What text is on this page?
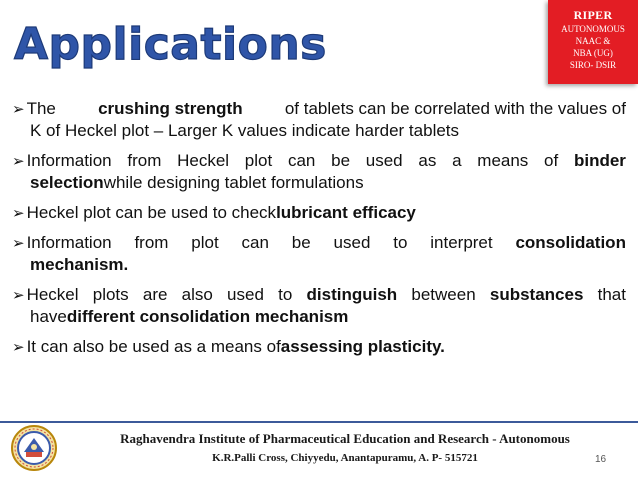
Applications
RIPER
AUTONOMOUS
NAAC &
NBA (UG)
SIRO- DSIR
➢ The crushing strength of tablets can be correlated with the values of
K of Heckel plot – Larger K values indicate harder tablets
➢ Information from Heckel plot can be used as a means of binder
selection while designing tablet formulations
➢ Heckel plot can be used to check lubricant efficacy
➢ Information from plot can be used to interpret consolidation
mechanism.
➢ Heckel plots are also used to distinguish between substances that
have different consolidation mechanism
➢ It can also be used as a means of assessing plasticity.
Raghavendra Institute of Pharmaceutical Education and Research - Autonomous
K.R.Palli Cross, Chiyyedu, Anantapuramu, A. P- 515721	16
